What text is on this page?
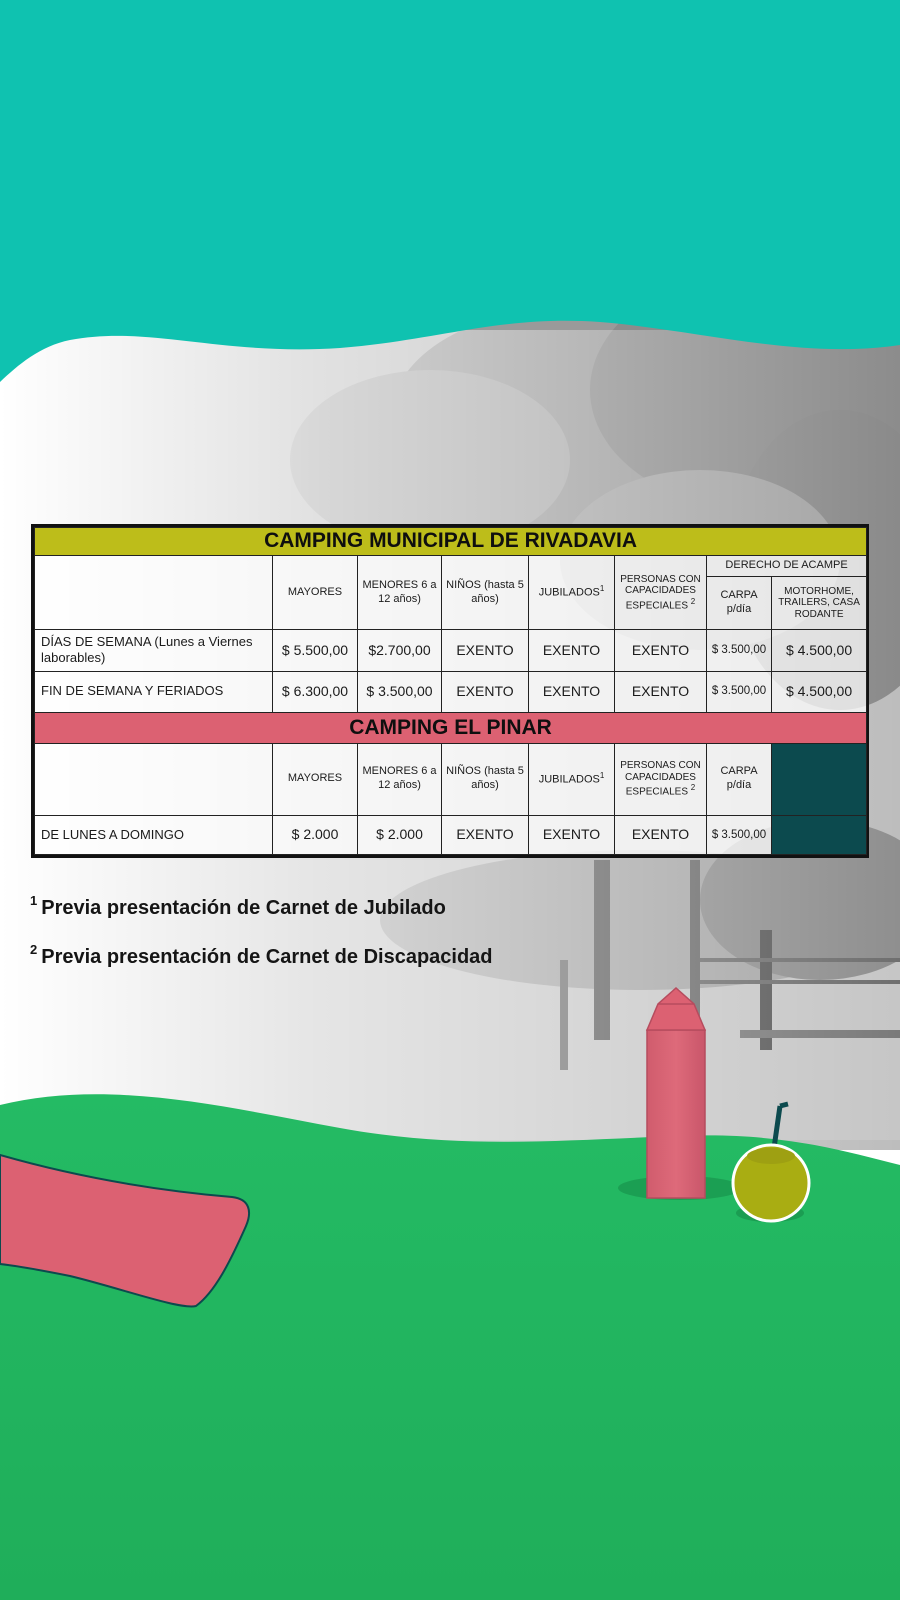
CAMPING MUNICIPAL DE RIVADAVIA							
	MAYORES	MENORES 6 a 12 años)	NIÑOS (hasta 5 años)	JUBILADOS$^1$	PERSONAS CON CAPACIDADES ESPECIALES $^2$	DERECHO DE ACAMPE	
						CARPA p/día	MOTORHOME, TRAILERS, CASA RODANTE
DÍAS DE SEMANA (Lunes a Viernes laborables)	$ 5.500,00	$2.700,00	EXENTO	EXENTO	EXENTO	$ 3.500,00	$ 4.500,00
FIN DE SEMANA Y FERIADOS	$ 6.300,00	$ 3.500,00	EXENTO	EXENTO	EXENTO	$ 3.500,00	$ 4.500,00
CAMPING EL PINAR							
	MAYORES	MENORES 6 a 12 años)	NIÑOS (hasta 5 años)	JUBILADOS$^1$	PERSONAS CON CAPACIDADES ESPECIALES $^2$	CARPA p/día	
DE LUNES A DOMINGO	$ 2.000	$ 2.000	EXENTO	EXENTO	EXENTO	$ 3.500,00	
$^1$ Previa presentación de Carnet de Jubilado
$^2$ Previa presentación de Carnet de Discapacidad
